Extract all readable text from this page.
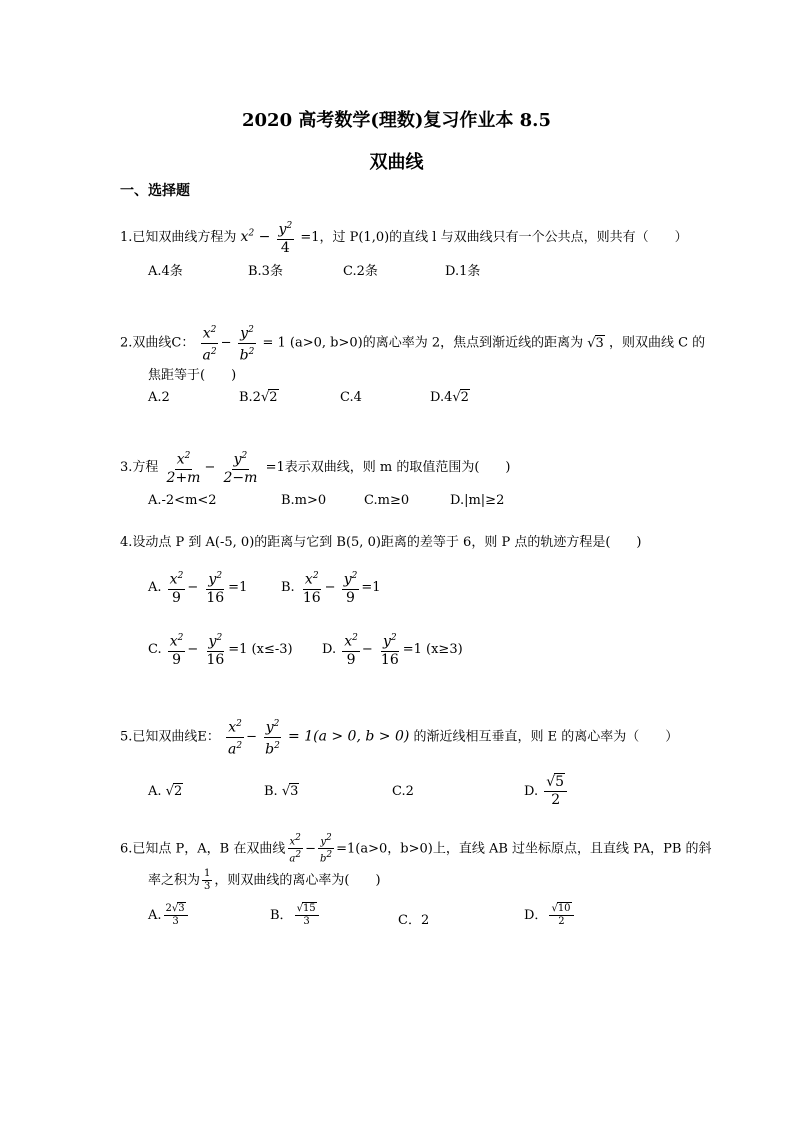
2020 高考数学(理数)复习作业本 8.5
双曲线
一、选择题
1.已知双曲线方程为 $x^2 - \frac{y^2}{4} =1$，过 P(1,0)的直线 l 与双曲线只有一个公共点，则共有（　　）
A.4条	B.3条	C.2条	D.1条
2.双曲线C： $\frac{x^2}{a^2} - \frac{y^2}{b^2} = 1$ (a>0, b>0)的离心率为 2，焦点到渐近线的距离为 √3 ，则双曲线 C 的
焦距等于(　　)
A.2	B.2√2	C.4	D.4√2
3.方程 $\frac{x^2}{2+m} - \frac{y^2}{2-m} =1$表示双曲线，则 m 的取值范围为(　　)
A.-2<m<2	B.m>0	C.m≥0	D.|m|≥2
4.设动点 P 到 A(-5, 0)的距离与它到 B(5, 0)距离的差等于 6，则 P 点的轨迹方程是(　　)
A. $\frac{x^2}{9} - \frac{y^2}{16} =1$	B. $\frac{x^2}{16} - \frac{y^2}{9} =1$
C. $\frac{x^2}{9} - \frac{y^2}{16} =1$ (x≤-3) D. $\frac{x^2}{9} - \frac{y^2}{16} =1$ (x≥3)
5.已知双曲线E： $\frac{x^2}{a^2} - \frac{y^2}{b^2} = 1(a > 0$, b > 0) 的渐近线相互垂直，则 E 的离心率为（　　）
A. √2	B. √3	C.2	D. $\frac{√5}{2}$
6.已知点 P，A，B 在双曲线 $\frac{x^2}{a^2} - \frac{y^2}{b^2} =1(a>0$，b>0)上，直线 AB 过坐标原点，且直线 PA，PB 的斜
率之积为 $\frac{1}{3}$ ，则双曲线的离心率为(　　)
A. $\frac{2√3}{3}$	B． $\frac{√15}{3}$	C．2	D． $\frac{√10}{2}$
